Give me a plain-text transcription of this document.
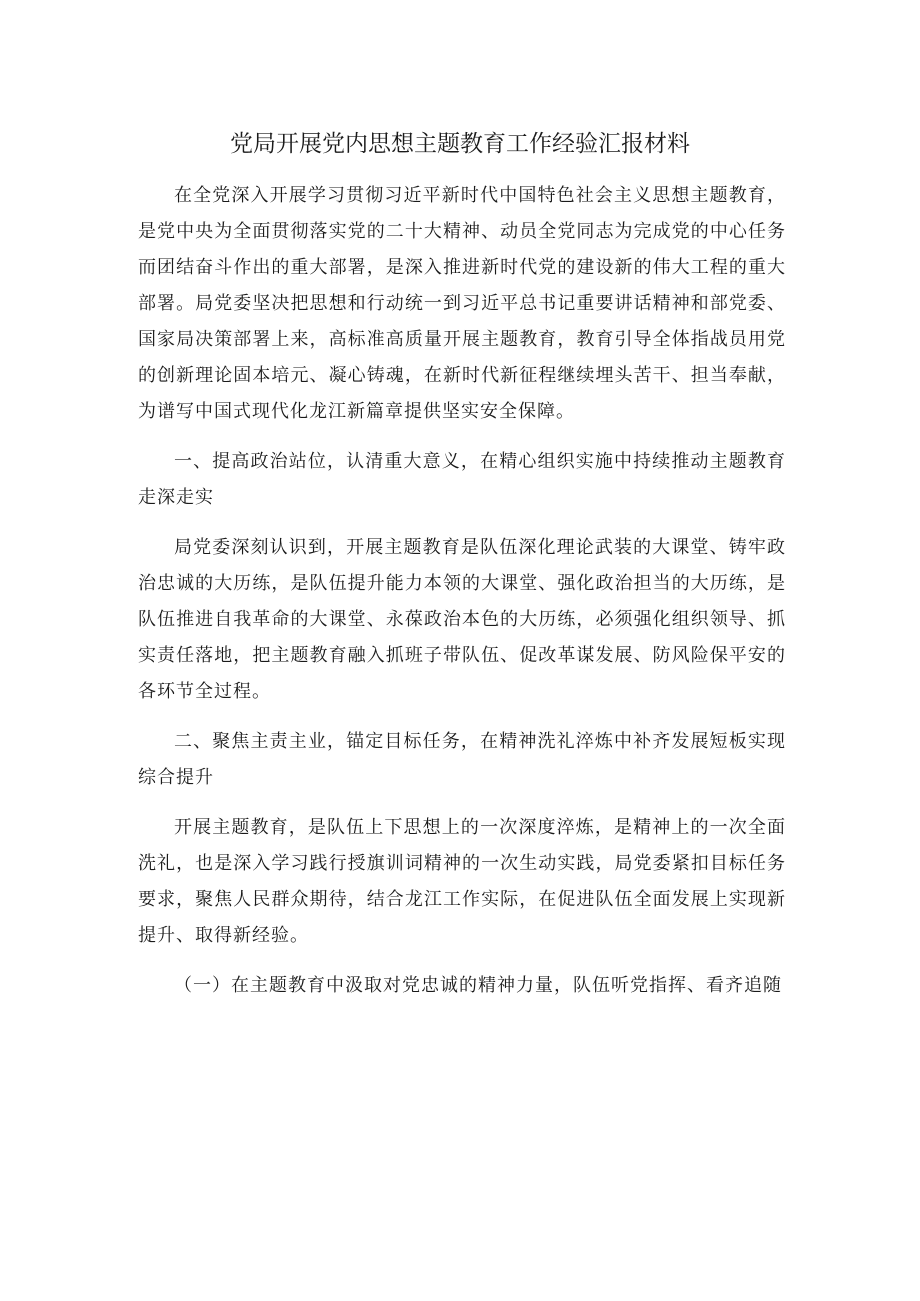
党局开展党内思想主题教育工作经验汇报材料

在全党深入开展学习贯彻习近平新时代中国特色社会主义思想主题教育，是党中央为全面贯彻落实党的二十大精神、动员全党同志为完成党的中心任务而团结奋斗作出的重大部署，是深入推进新时代党的建设新的伟大工程的重大部署。局党委坚决把思想和行动统一到习近平总书记重要讲话精神和部党委、国家局决策部署上来，高标准高质量开展主题教育，教育引导全体指战员用党的创新理论固本培元、凝心铸魂，在新时代新征程继续埋头苦干、担当奉献，为谱写中国式现代化龙江新篇章提供坚实安全保障。

一、提高政治站位，认清重大意义，在精心组织实施中持续推动主题教育走深走实

局党委深刻认识到，开展主题教育是队伍深化理论武装的大课堂、铸牢政治忠诚的大历练，是队伍提升能力本领的大课堂、强化政治担当的大历练，是队伍推进自我革命的大课堂、永葆政治本色的大历练，必须强化组织领导、抓实责任落地，把主题教育融入抓班子带队伍、促改革谋发展、防风险保平安的各环节全过程。

二、聚焦主责主业，锚定目标任务，在精神洗礼淬炼中补齐发展短板实现综合提升

开展主题教育，是队伍上下思想上的一次深度淬炼，是精神上的一次全面洗礼，也是深入学习践行授旗训词精神的一次生动实践，局党委紧扣目标任务要求，聚焦人民群众期待，结合龙江工作实际，在促进队伍全面发展上实现新提升、取得新经验。

（一）在主题教育中汲取对党忠诚的精神力量，队伍听党指挥、看齐追随
